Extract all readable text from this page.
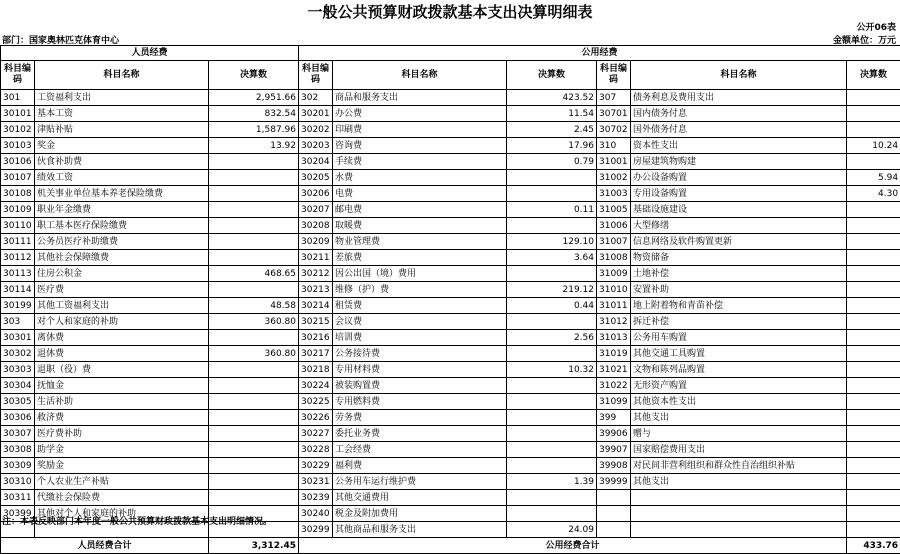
一般公共预算财政拨款基本支出决算明细表
公开06表
部门：国家奥林匹克体育中心	金额单位：万元
人员经费			公用经费					
科目编码	科目名称	决算数	科目编码	科目名称	决算数	科目编码	科目名称	决算数
301	工资福利支出	2,951.66	302	商品和服务支出	423.52	307	债务利息及费用支出	
30101	基本工资	832.54	30201	办公费	11.54	30701	国内债务付息	
30102	津贴补贴	1,587.96	30202	印刷费	2.45	30702	国外债务付息	
30103	奖金	13.92	30203	咨询费	17.96	310	资本性支出	10.24
30106	伙食补助费		30204	手续费	0.79	31001	房屋建筑物购建	
30107	绩效工资		30205	水费		31002	办公设备购置	5.94
30108	机关事业单位基本养老保险缴费		30206	电费		31003	专用设备购置	4.30
30109	职业年金缴费		30207	邮电费	0.11	31005	基础设施建设	
30110	职工基本医疗保险缴费		30208	取暖费		31006	大型修缮	
30111	公务员医疗补助缴费		30209	物业管理费	129.10	31007	信息网络及软件购置更新	
30112	其他社会保障缴费		30211	差旅费	3.64	31008	物资储备	
30113	住房公积金	468.65	30212	因公出国（境）费用		31009	土地补偿	
30114	医疗费		30213	维修（护）费	219.12	31010	安置补助	
30199	其他工资福利支出	48.58	30214	租赁费	0.44	31011	地上附着物和青苗补偿	
303	对个人和家庭的补助	360.80	30215	会议费		31012	拆迁补偿	
30301	离休费		30216	培训费	2.56	31013	公务用车购置	
30302	退休费	360.80	30217	公务接待费		31019	其他交通工具购置	
30303	退职（役）费		30218	专用材料费	10.32	31021	文物和陈列品购置	
30304	抚恤金		30224	被装购置费		31022	无形资产购置	
30305	生活补助		30225	专用燃料费		31099	其他资本性支出	
30306	救济费		30226	劳务费		399	其他支出	
30307	医疗费补助		30227	委托业务费		39906	赠与	
30308	助学金		30228	工会经费		39907	国家赔偿费用支出	
30309	奖励金		30229	福利费		39908	对民间非营利组织和群众性自治组织补贴	
30310	个人农业生产补贴		30231	公务用车运行维护费	1.39	39999	其他支出	
30311	代缴社会保险费		30239	其他交通费用				
30399	其他对个人和家庭的补助		30240	税金及附加费用				
			30299	其他商品和服务支出	24.09			
人员经费合计		3,312.45	公用经费合计					433.76
注：本表反映部门本年度一般公共预算财政拨款基本支出明细情况。
